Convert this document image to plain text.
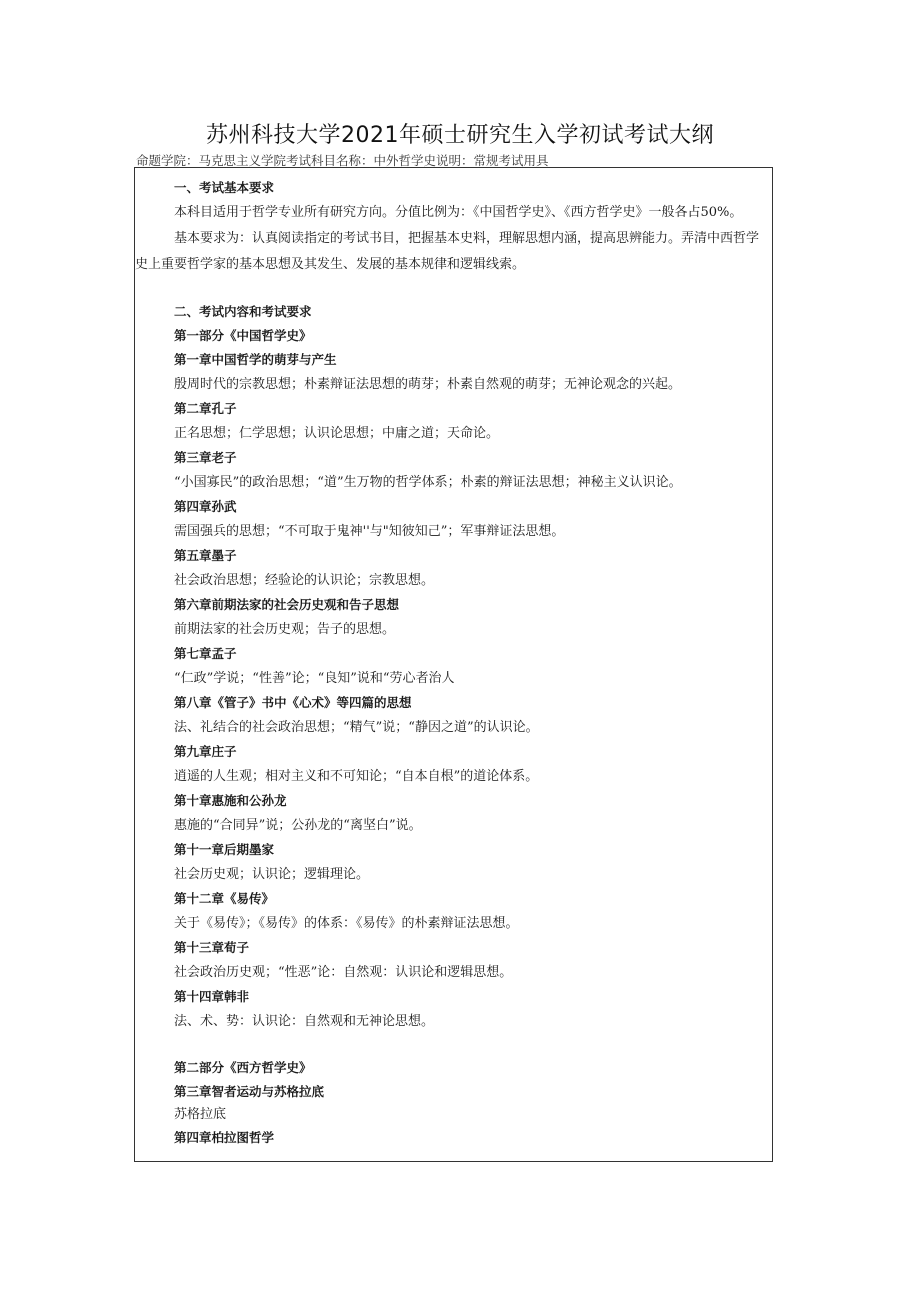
苏州科技大学2021年硕士研究生入学初试考试大纲
命题学院：马克思主义学院考试科目名称：中外哲学史说明：常规考试用具
一、考试基本要求

本科目适用于哲学专业所有研究方向。分值比例为：《中国哲学史》、《西方哲学史》一般各占50%。

基本要求为：认真阅读指定的考试书目，把握基本史料，理解思想内涵，提高思辨能力。弄清中西哲学史上重要哲学家的基本思想及其发生、发展的基本规律和逻辑线索。

二、考试内容和考试要求
第一部分《中国哲学史》
第一章中国哲学的萌芽与产生
殷周时代的宗教思想；朴素辩证法思想的萌芽；朴素自然观的萌芽；无神论观念的兴起。
第二章孔子
正名思想；仁学思想；认识论思想；中庸之道；天命论。
第三章老子
“小国寡民”的政治思想；“道”生万物的哲学体系；朴素的辩证法思想；神秘主义认识论。
第四章孙武
需国强兵的思想；“不可取于鬼神''与"知彼知己”；军事辩证法思想。
第五章墨子
社会政治思想；经验论的认识论；宗教思想。
第六章前期法家的社会历史观和告子思想
前期法家的社会历史观；告子的思想。
第七章孟子
“仁政”学说；“性善”论；“良知”说和“劳心者治人
第八章《管子》书中《心术》等四篇的思想
法、礼结合的社会政治思想；“精气”说；“静因之道”的认识论。
第九章庄子
逍遥的人生观；相对主义和不可知论；“自本自根”的道论体系。
第十章惠施和公孙龙
惠施的“合同异”说；公孙龙的“离坚白”说。
第十一章后期墨家
社会历史观；认识论；逻辑理论。
第十二章《易传》
关于《易传》；《易传》的体系：《易传》的朴素辩证法思想。
第十三章荀子
社会政治历史观；“性恶”论：自然观：认识论和逻辑思想。
第十四章韩非
法、术、势：认识论：自然观和无神论思想。
第二部分《西方哲学史》
第三章智者运动与苏格拉底
苏格拉底
第四章柏拉图哲学
